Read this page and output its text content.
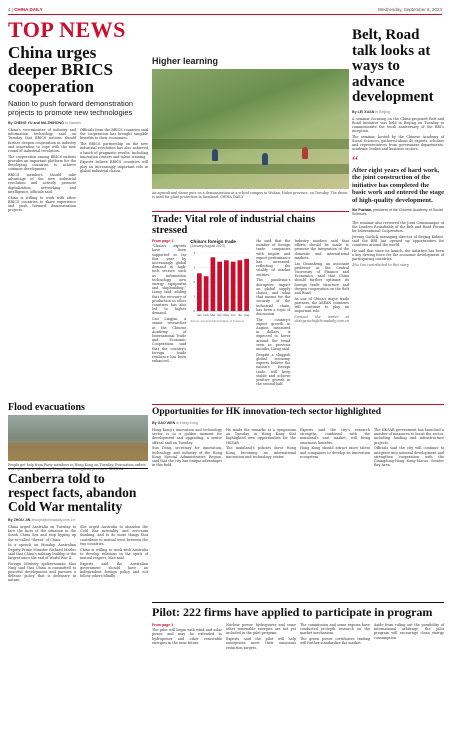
4 | CHINA DAILY	Wednesday, September 6, 2023
TOP NEWS
China urges deeper BRICS cooperation
Nation to push forward demonstration projects to promote new technologies
By CHENG YU and MA ZHIHONG in Xiamen

China's vice-minister of industry and information technology said on Tuesday that BRICS nations should further deepen cooperation in industry and innovation to cope with the new round of industrial revolution.

The cooperation among BRICS nations provides an important platform for the developing countries to achieve common development.

BRICS members should take advantage of the new industrial revolution and actively promote digitalization, networking and intelligence, officials said.

China is willing to work with other BRICS countries to share experience and push forward demonstration projects.

Officials from the BRICS countries said the cooperation has brought tangible benefits to their economies.

The BRICS partnership on the new industrial revolution has also achieved a batch of pragmatic results, including innovation centers and talent training.

Experts believe BRICS countries will play an increasingly important role in global industrial chains.

Higher learning
An agricultural drone puts on a demonstration at a school campus in Wuhan, Hubei province, on Tuesday. The drone is used for plant protection in farmland. CHINA DAILY
Belt, Road talk looks at ways to advance development
By LEI XUAN in Beijing

A seminar focusing on the China-proposed Belt and Road Initiative was held in Beijing on Tuesday to commemorate the tenth anniversary of the BRI's inception.

The seminar, hosted by the Chinese Academy of Social Sciences, gathered about 40 experts, scholars and representatives from government departments, academic bodies and business sectors.

“
After eight years of hard work, the joint construction of the initiative has completed the basic work and entered the stage of high-quality development.
Xie Fuzhan, president of the Chinese Academy of Social Sciences

The seminar also reviewed the Joint Communique of the Leaders Roundtable of the Belt and Road Forum for International Cooperation.

Jeremy Garlick, managing director of Beijing Kidnet, said the BRI has opened up opportunities for countries around the world.

He said that since its launch, the initiative has been a key driving force for the economic development of participating countries.

Zhu Yan contributed to this story.

Trade: Vital role of industrial chains stressed
From page 1

"China's exports have been supported so far this year by increasingly global demand in high-tech sectors, such as information technology, new energy equipment and shipbuilding," Liang said, adding that the recovery of production in other countries has also led to higher demand.

Cao Lingjun, a senior researcher at the Chinese Academy of International Trade and Economic Cooperation, said that the country's foreign trade resilience has been enhanced.

China's foreign trade
(January-August 2023)
0
1
2
3
4
Jan Feb Mar Apr May Jun Jul Aug
Source: General Administration of Customs

He said that the number of foreign trade companies with import and export performance has increased, reflecting the vitality of market entities.

The pandemic's disruptive impact on global supply chains, and what that means for the security of the industrial chain, has been a topic of discussion.

The country's export growth in August, measured in dollars, is expected to hover around the trend seen in previous months, Liang said.

Despite a sluggish global economy, experts believe the nation's foreign trade will keep stable and achieve positive growth in the second half.

Industry insiders said that efforts should be made to promote the integration of the domestic and international markets.

Liu Chunsheng, an associate professor at the Central University of Finance and Economics, said that China should further optimize its foreign trade structure and deepen cooperation on the Belt and Road.

As one of China's major trade partners, the ASEAN countries will continue to play an important role.

Contact the writer at zhangxiuzhi@chinadaily.com.cn

Flood evacuations
People get help from Party members in Hong Kong on Tuesday. Evacuation orders were given to residents in Hengchun, Guangdong province. XINHUA
Canberra told to respect facts, abandon Cold War mentality
By ZHOU JIN zhoujin@chinadaily.com.cn

China urged Australia on Tuesday to face the facts of the situation in the South China Sea and stop hyping up the so-called "threat" of China.

In a speech on Monday, Australian Deputy Prime Minister Richard Marles said that China's military buildup is the largest since the end of World War II.

Foreign Ministry spokeswoman Mao Ning said that China is committed to peaceful development and pursues a defense policy that is defensive in nature.

She urged Australia to abandon the Cold War mentality and zero-sum thinking, and to do more things that contribute to mutual trust between the two countries.

China is willing to work with Australia to develop relations in the spirit of mutual respect, Mao said.

Experts said the Australian government should have an independent foreign policy and not follow others blindly.

Opportunities for HK innovation-tech sector highlighted
By GAO WEN in Hong Kong

Hong Kong's innovation and technology sector is in a golden moment for development and upgrading, a senior official said on Tuesday.

Sun Dong, secretary for innovation, technology and industry of the Hong Kong Special Administrative Region, said that the city has unique advantages in this field.

He made the remarks at a symposium on Tuesday in Hong Kong that highlighted new opportunities for the HKSAR.

The mainland's policies favor Hong Kong becoming an international innovation and technology center.

Experts said the city's research strengths, combined with the mainland's vast market, will bring enormous benefits.

Hong Kong should attract more talent and companies to develop its innovation ecosystem.

The HKSAR government has launched a number of measures to boost the sector, including funding and infrastructure projects.

Officials said the city will continue to integrate into national development and strengthen cooperation with the Guangdong-Hong Kong-Macao Greater Bay Area.

Pilot: 222 firms have applied to participate in program
From page 1

The pilot will begin with wind and solar power and may be extended to hydropower and other renewable energies in the near future.

Nuclear power, hydropower and some other renewable energies are not yet included in the pilot program.

Experts said the pilot will help enterprises meet their emissions reduction targets.

The commission and some regions have conducted in-depth research on the market mechanism.

The green power certificates trading will further standardize the market.

Aside from ruling out the possibility of international arbitrage, the pilot program will encourage clean energy consumption.
